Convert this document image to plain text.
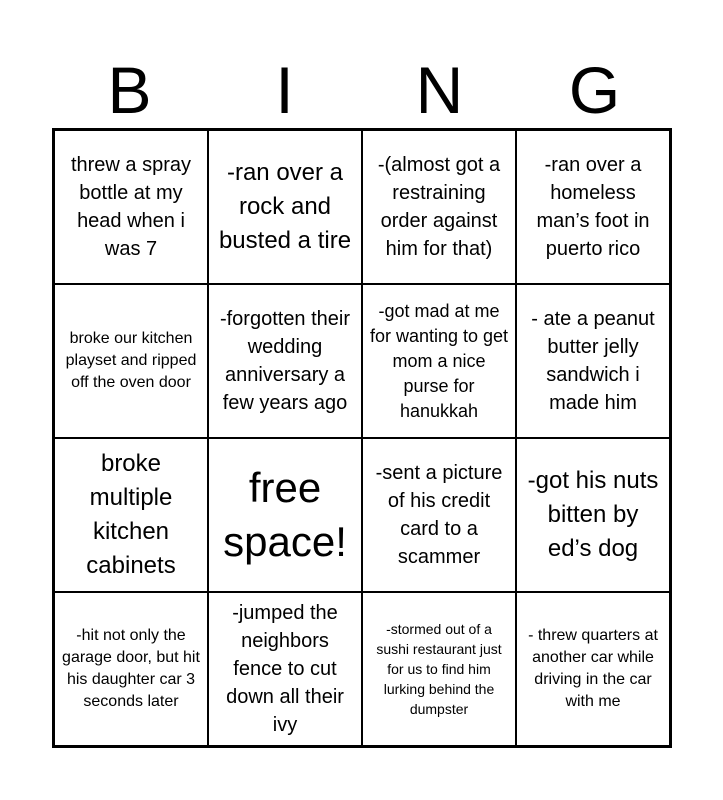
B	I	N	G
threw a spray bottle at my head when i was 7
-ran over a rock and busted a tire
-(almost got a restraining order against him for that)
-ran over a homeless man’s foot in puerto rico
broke our kitchen playset and ripped off the oven door
-forgotten their wedding anniversary a few years ago
-got mad at me for wanting to get mom a nice purse for hanukkah
- ate a peanut butter jelly sandwich i made him
broke multiple kitchen cabinets
free space!
-sent a picture of his credit card to a scammer
-got his nuts bitten by ed’s dog
-hit not only the garage door, but hit his daughter car 3 seconds later
-jumped the neighbors fence to cut down all their ivy
-stormed out of a sushi restaurant just for us to find him lurking behind the dumpster
- threw quarters at another car while driving in the car with me
